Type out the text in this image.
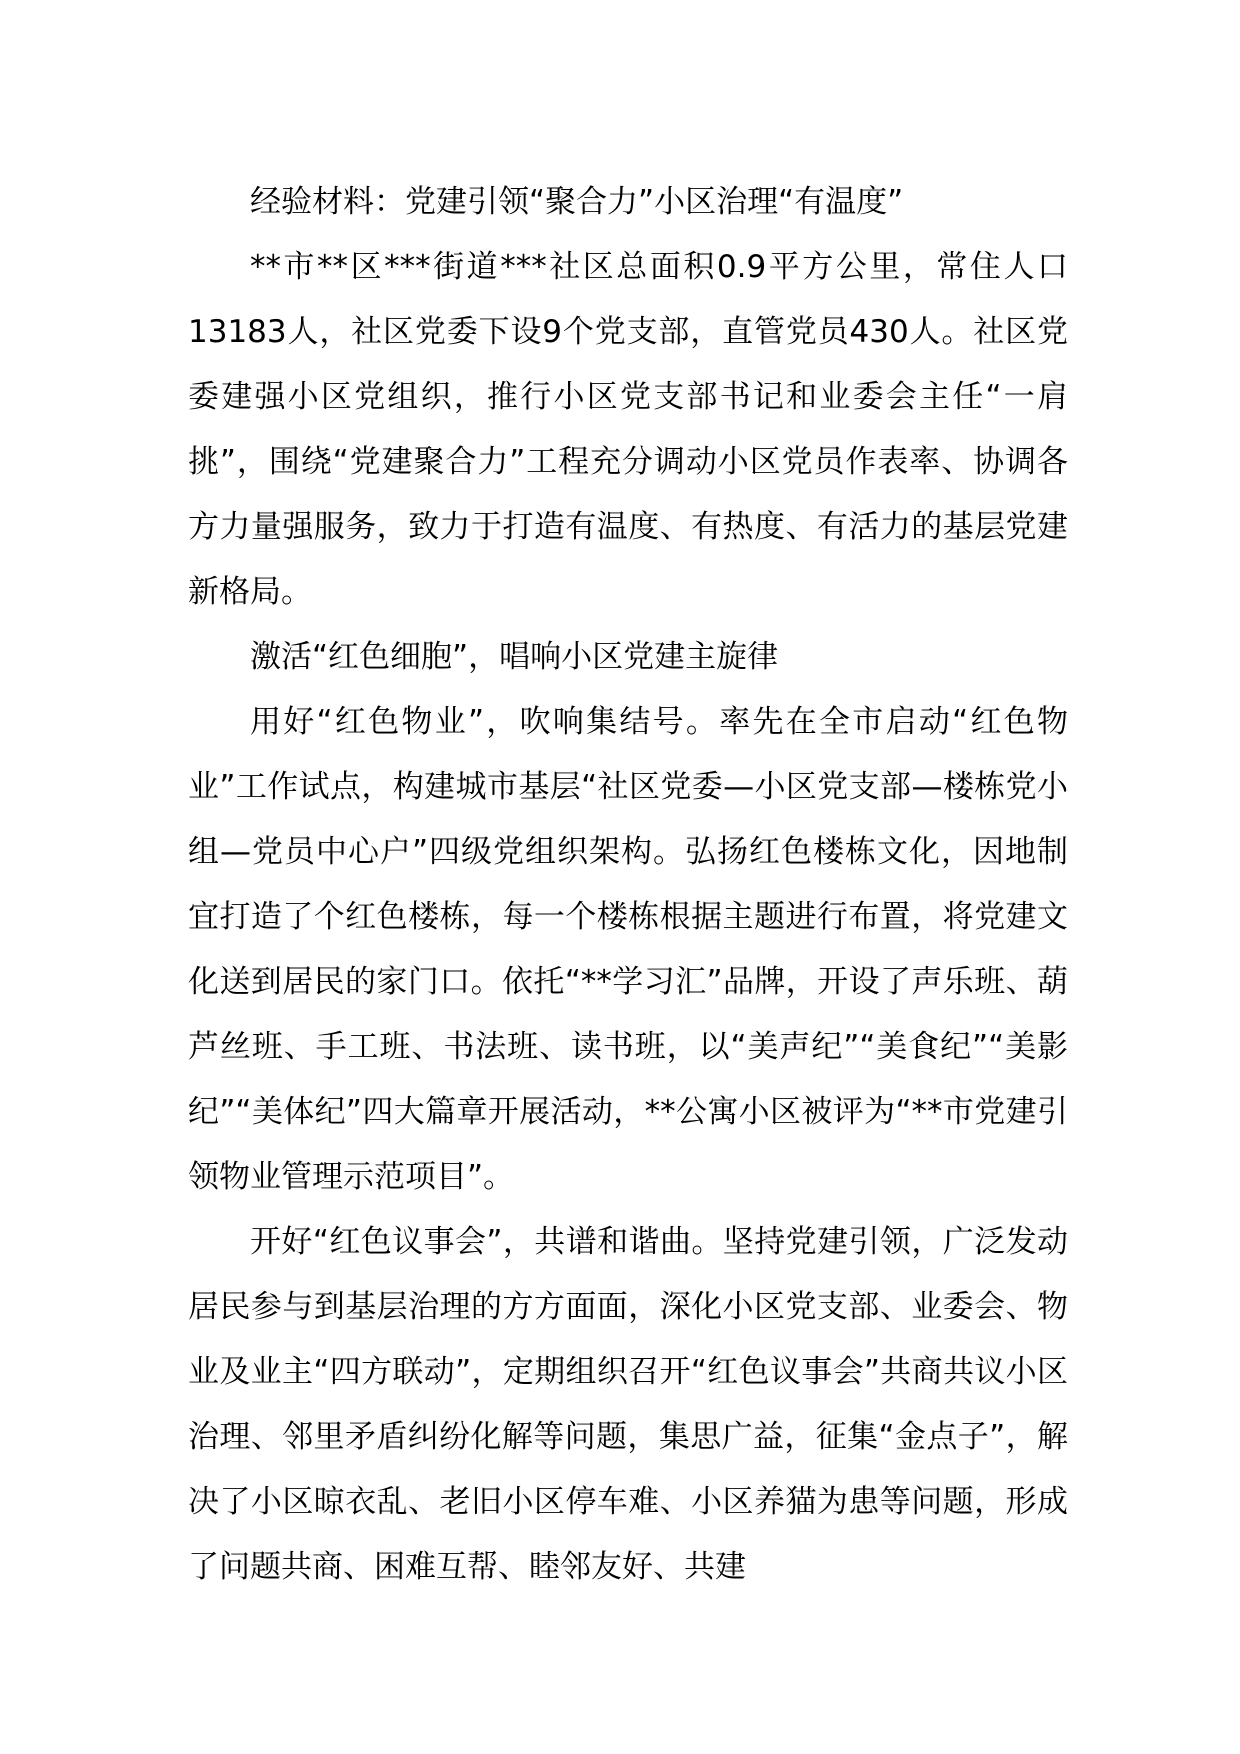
经验材料：党建引领“聚合力”小区治理“有温度”

**市**区***街道***社区总面积0.9平方公里，常住人口13183人，社区党委下设9个党支部，直管党员430人。社区党委建强小区党组织，推行小区党支部书记和业委会主任“一肩挑”，围绕“党建聚合力”工程充分调动小区党员作表率、协调各方力量强服务，致力于打造有温度、有热度、有活力的基层党建新格局。

激活“红色细胞”，唱响小区党建主旋律

用好“红色物业”，吹响集结号。率先在全市启动“红色物业”工作试点，构建城市基层“社区党委—小区党支部—楼栋党小组—党员中心户”四级党组织架构。弘扬红色楼栋文化，因地制宜打造了个红色楼栋，每一个楼栋根据主题进行布置，将党建文化送到居民的家门口。依托“**学习汇”品牌，开设了声乐班、葫芦丝班、手工班、书法班、读书班，以“美声纪”“美食纪”“美影纪”“美体纪”四大篇章开展活动，**公寓小区被评为“**市党建引领物业管理示范项目”。

开好“红色议事会”，共谱和谐曲。坚持党建引领，广泛发动居民参与到基层治理的方方面面，深化小区党支部、业委会、物业及业主“四方联动”，定期组织召开“红色议事会”共商共议小区治理、邻里矛盾纠纷化解等问题，集思广益，征集“金点子”，解决了小区晾衣乱、老旧小区停车难、小区养猫为患等问题，形成了问题共商、困难互帮、睦邻友好、共建
